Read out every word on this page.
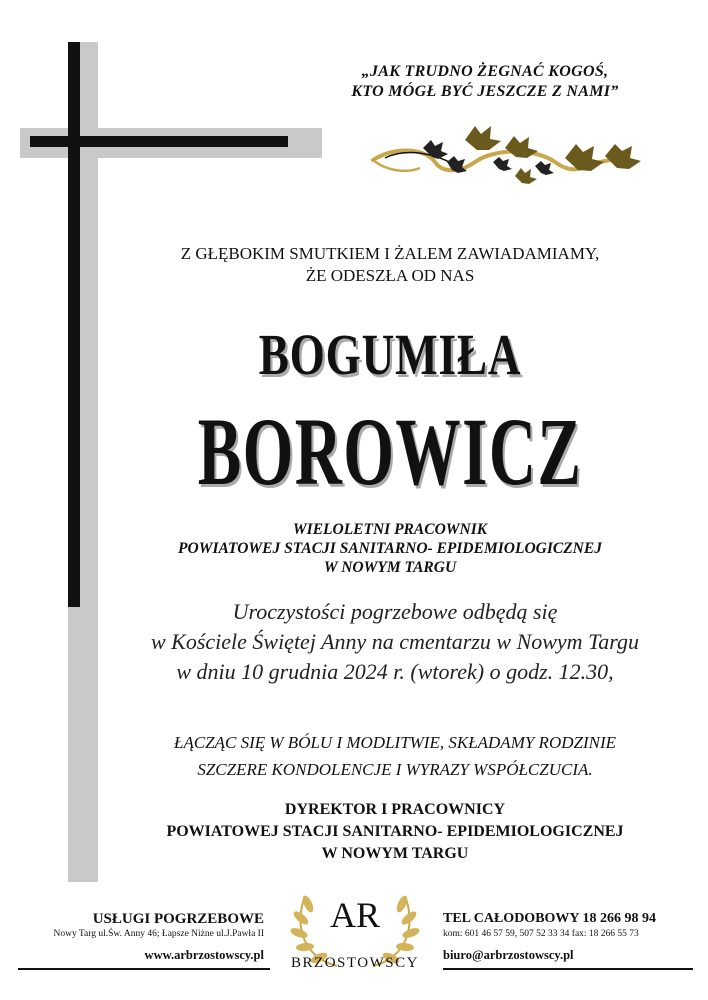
„JAK TRUDNO ŻEGNAĆ KOGOŚ,
KTO MÓGŁ BYĆ JESZCZE Z NAMI”
Z GŁĘBOKIM SMUTKIEM I ŻALEM ZAWIADAMIAMY,
ŻE ODESZŁA OD NAS
BOGUMIŁA
BOROWICZ
WIELOLETNI PRACOWNIK
POWIATOWEJ STACJI SANITARNO- EPIDEMIOLOGICZNEJ
W NOWYM TARGU
Uroczystości pogrzebowe odbędą się
w Kościele Świętej Anny na cmentarzu w Nowym Targu
w dniu 10 grudnia 2024 r. (wtorek) o godz. 12.30,
ŁĄCZĄC SIĘ W BÓLU I MODLITWIE, SKŁADAMY RODZINIE
SZCZERE KONDOLENCJE I WYRAZY WSPÓŁCZUCIA.
DYREKTOR I PRACOWNICY
POWIATOWEJ STACJI SANITARNO- EPIDEMIOLOGICZNEJ
W NOWYM TARGU
USŁUGI POGRZEBOWE
Nowy Targ ul.Św. Anny 46; Łapsze Niżne ul.J.Pawła II
www.arbrzostowscy.pl
AR
BRZOSTOWSCY
TEL CAŁODOBOWY 18 266 98 94
kom: 601 46 57 59, 507 52 33 34 fax: 18 266 55 73
biuro@arbrzostowscy.pl
